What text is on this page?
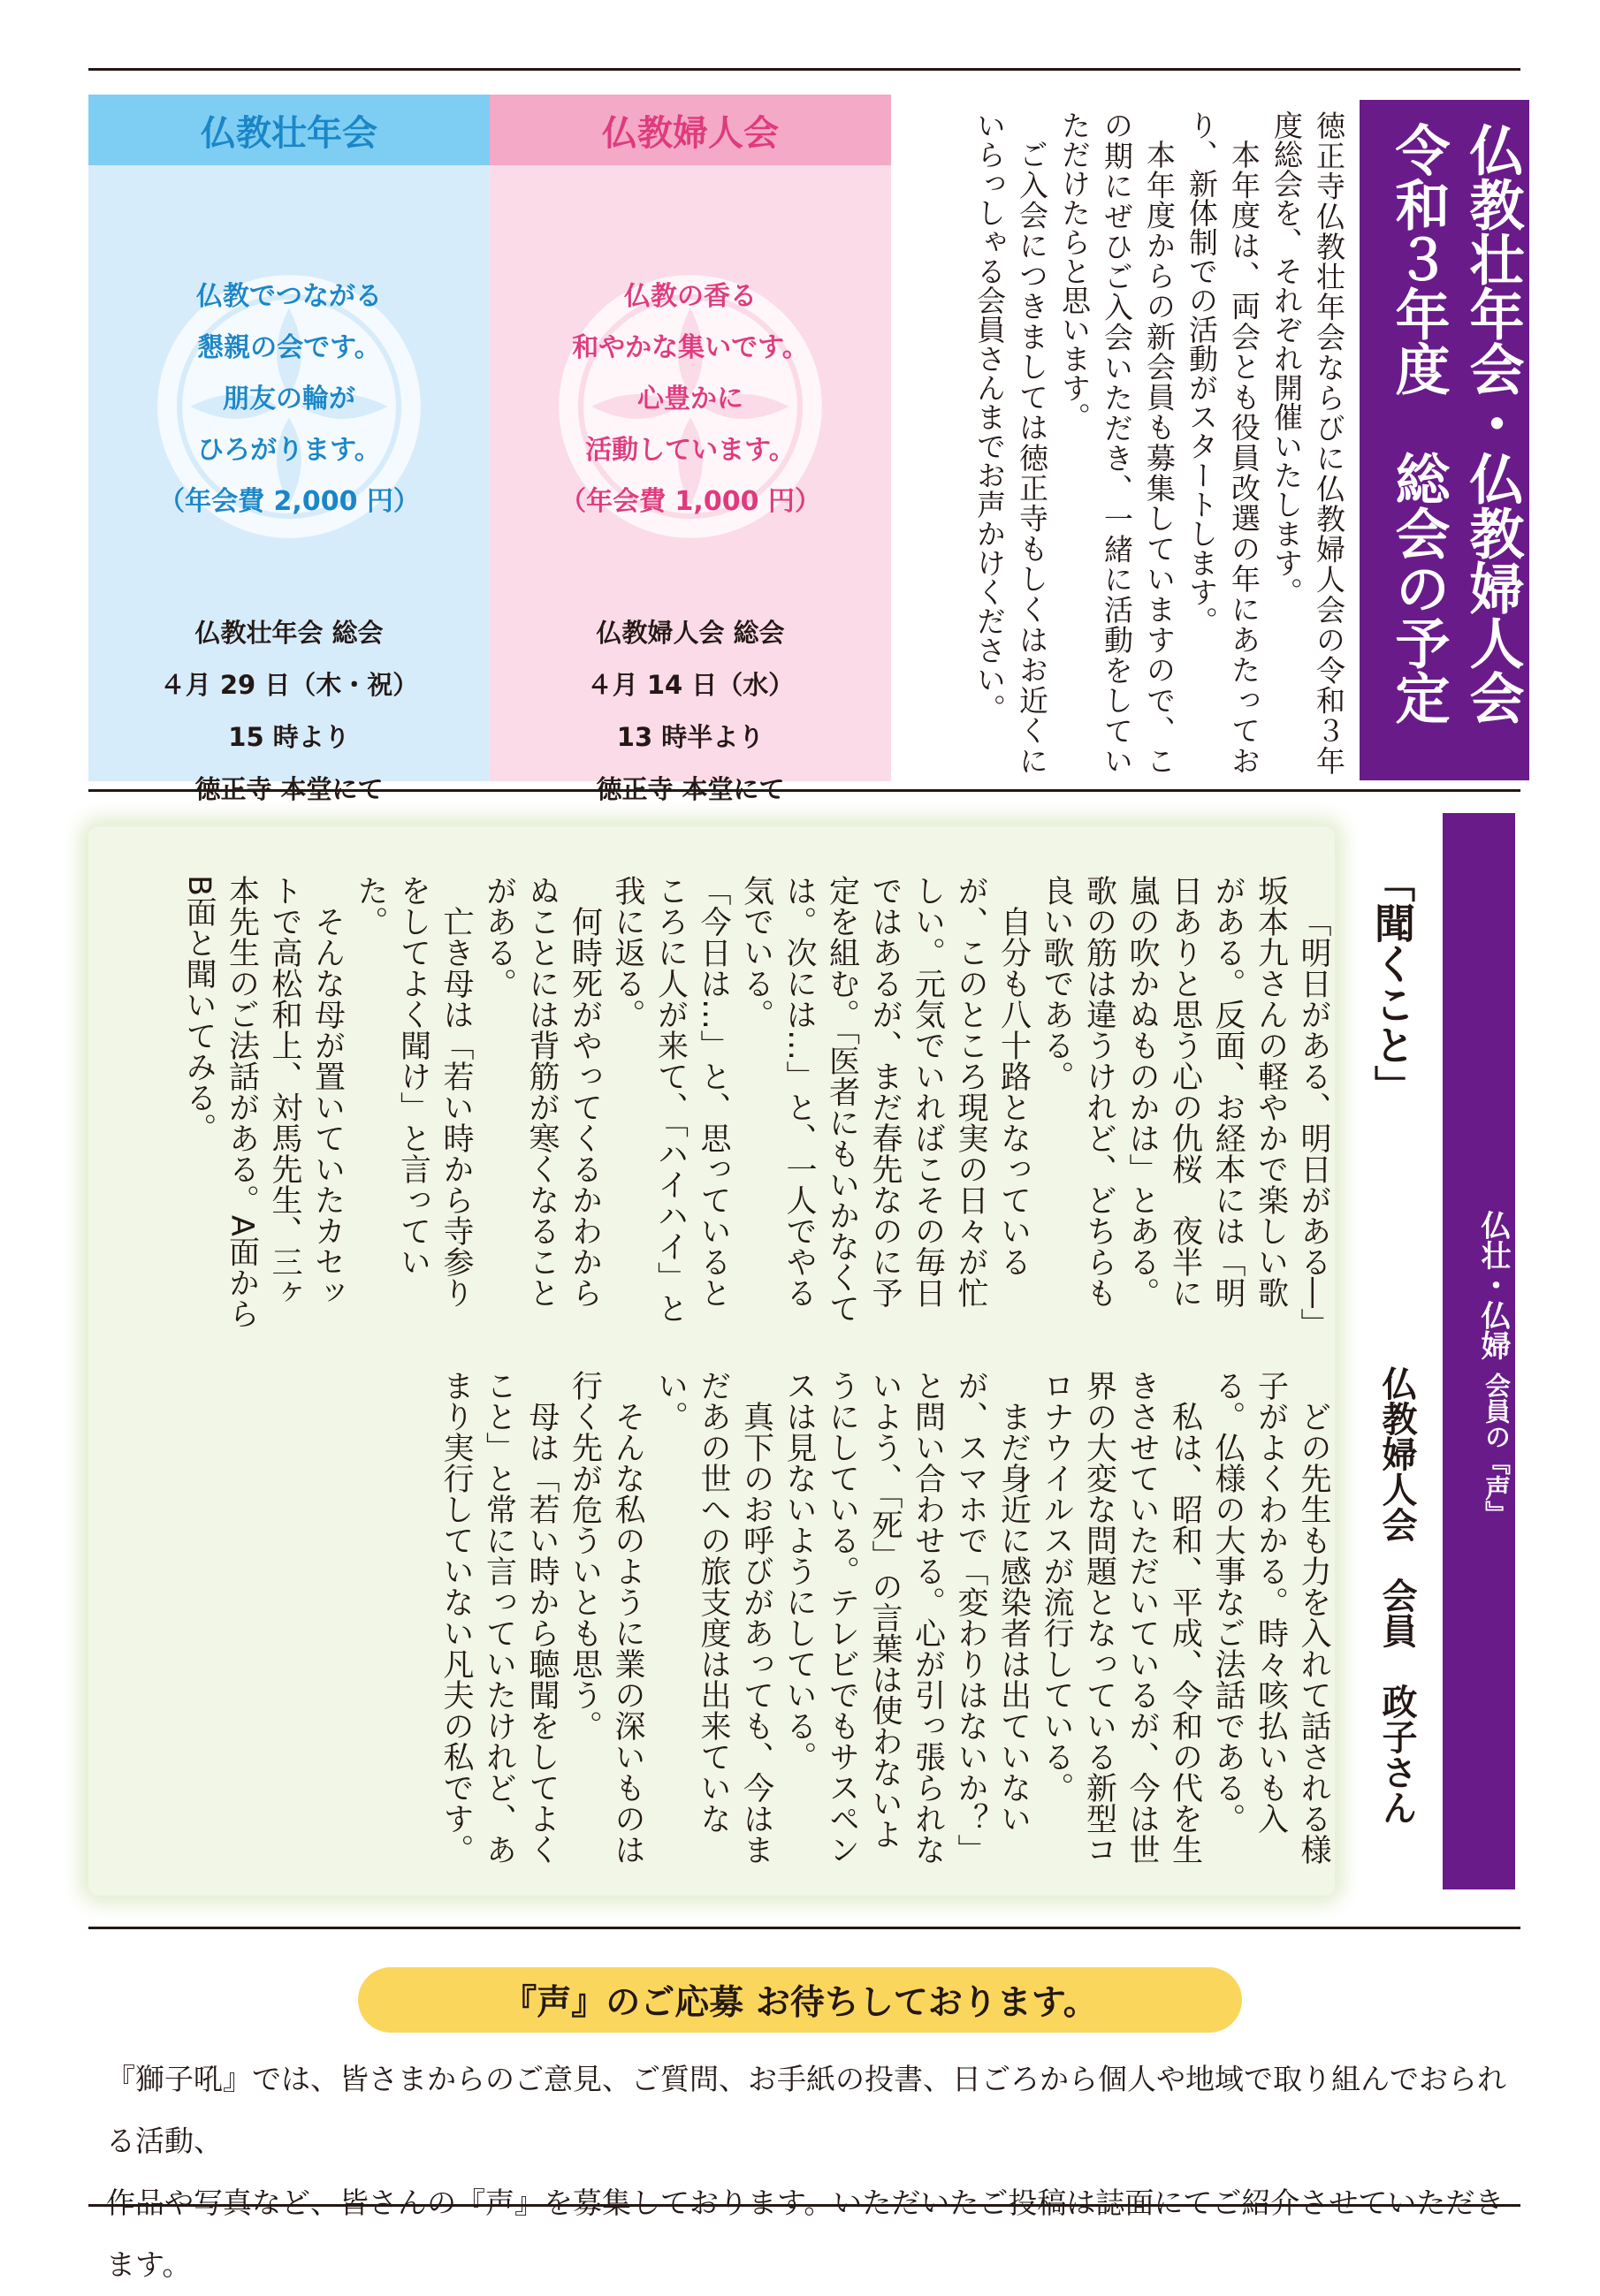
仏教壮年会
仏教でつながる
懇親の会です。
朋友の輪が
ひろがります。
（年会費 2,000 円）
仏教壮年会 総会
４月 29 日（木・祝）
15 時より
徳正寺 本堂にて
仏教婦人会
仏教の香る
和やかな集いです。
心豊かに
活動しています。
（年会費 1,000 円）
仏教婦人会 総会
４月 14 日（水）
13 時半より
徳正寺 本堂にて

徳正寺仏教壮年会ならびに仏教婦人会の令和３年度総会を、それぞれ開催いたします。

本年度は、両会とも役員改選の年にあたっており、新体制での活動がスタートします。

本年度からの新会員も募集していますので、この期にぜひご入会いただき、一緒に活動をしていただけたらと思います。

ご入会につきましては徳正寺もしくはお近くにいらっしゃる会員さんまでお声かけください。	仏教壮年会・仏教婦人会　令和３年度　総会の予定
仏壮・仏婦
会員の『声』
「聞くこと」
仏教婦人会　会員　政子さん

「明日がある、明日がある―」坂本九さんの軽やかで楽しい歌がある。反面、お経本には「明日ありと思う心の仇桜　夜半に嵐の吹かぬものかは」とある。歌の筋は違うけれど、どちらも良い歌である。

自分も八十路となっているが、このところ現実の日々が忙しい。元気でいればこその毎日ではあるが、まだ春先なのに予定を組む。「医者にもいかなくては。次には…」と、一人でやる気でいる。

「今日は…」と、思っているところに人が来て、「ハイハイ」と我に返る。

何時死がやってくるかわからぬことには背筋が寒くなることがある。

亡き母は「若い時から寺参りをしてよく聞け」と言っていた。

そんな母が置いていたカセットで高松和上、対馬先生、三ヶ本先生のご法話がある。A面からB面と聞いてみる。

どの先生も力を入れて話される様子がよくわかる。時々咳払いも入る。仏様の大事なご法話である。

私は、昭和、平成、令和の代を生きさせていただいているが、今は世界の大変な問題となっている新型コロナウイルスが流行している。

まだ身近に感染者は出ていないが、スマホで「変わりはないか？」と問い合わせる。心が引っ張られないよう、「死」の言葉は使わないようにしている。テレビでもサスペンスは見ないようにしている。

真下のお呼びがあっても、今はまだあの世への旅支度は出来ていない。

そんな私のように業の深いものは行く先が危ういとも思う。

母は「若い時から聴聞をしてよくこと」と常に言っていたけれど、あまり実行していない凡夫の私です。

『声』のご応募 お待ちしております。

『獅子吼』では、皆さまからのご意見、ご質問、お手紙の投書、日ごろから個人や地域で取り組んでおられる活動、

作品や写真など、皆さんの『声』を募集しております。いただいたご投稿は誌面にてご紹介させていただきます。
